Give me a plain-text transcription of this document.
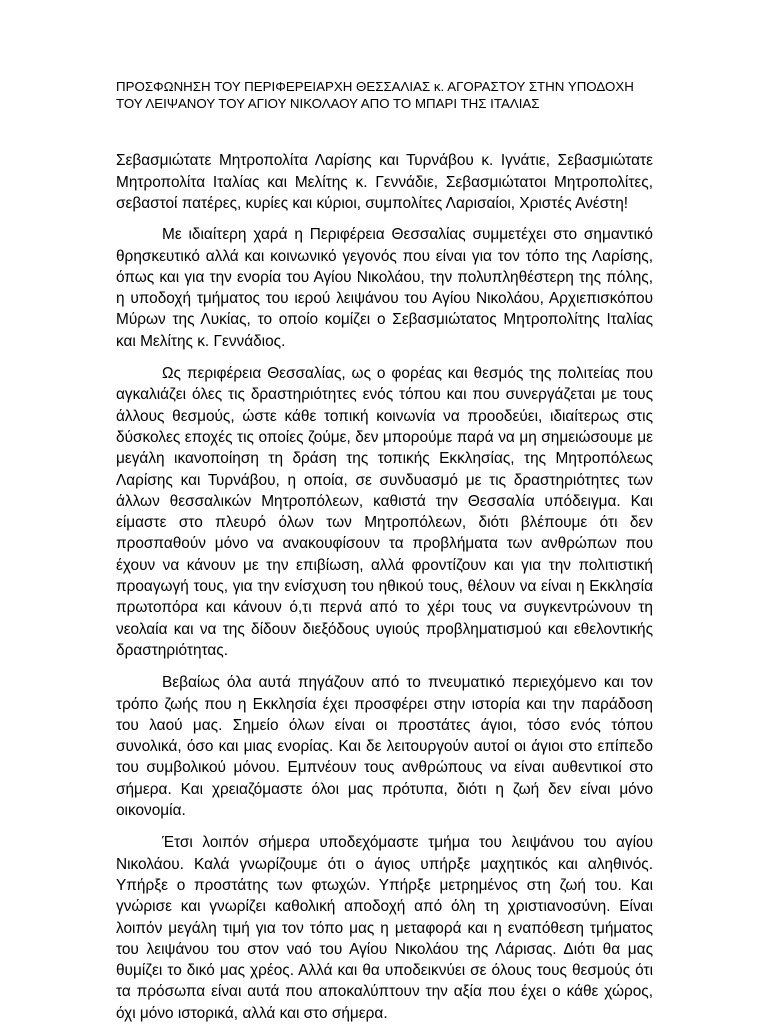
ΠΡΟΣΦΩΝΗΣΗ ΤΟΥ ΠΕΡΙΦΕΡΕΙΑΡΧΗ ΘΕΣΣΑΛΙΑΣ κ. ΑΓΟΡΑΣΤΟΥ ΣΤΗΝ ΥΠΟΔΟΧΗ ΤΟΥ ΛΕΙΨΑΝΟΥ ΤΟΥ ΑΓΙΟΥ ΝΙΚΟΛΑΟΥ ΑΠΟ ΤΟ ΜΠΑΡΙ ΤΗΣ ΙΤΑΛΙΑΣ

Σεβασμιώτατε Μητροπολίτα Λαρίσης και Τυρνάβου κ. Ιγνάτιε, Σεβασμιώτατε Μητροπολίτα Ιταλίας και Μελίτης κ. Γεννάδιε, Σεβασμιώτατοι Μητροπολίτες, σεβαστοί πατέρες, κυρίες και κύριοι, συμπολίτες Λαρισαίοι, Χριστές Ανέστη!

Με ιδιαίτερη χαρά η Περιφέρεια Θεσσαλίας συμμετέχει στο σημαντικό θρησκευτικό αλλά και κοινωνικό γεγονός που είναι για τον τόπο της Λαρίσης, όπως και για την ενορία του Αγίου Νικολάου, την πολυπληθέστερη της πόλης, η υποδοχή τμήματος του ιερού λειψάνου του Αγίου Νικολάου, Αρχιεπισκόπου Μύρων της Λυκίας, το οποίο κομίζει ο Σεβασμιώτατος Μητροπολίτης Ιταλίας και Μελίτης κ. Γεννάδιος.

Ως περιφέρεια Θεσσαλίας, ως ο φορέας και θεσμός της πολιτείας που αγκαλιάζει όλες τις δραστηριότητες ενός τόπου και που συνεργάζεται με τους άλλους θεσμούς, ώστε κάθε τοπική κοινωνία να προοδεύει, ιδιαίτερως στις δύσκολες εποχές τις οποίες ζούμε, δεν μπορούμε παρά να μη σημειώσουμε με μεγάλη ικανοποίηση τη δράση της τοπικής Εκκλησίας, της Μητροπόλεως Λαρίσης και Τυρνάβου, η οποία, σε συνδυασμό με τις δραστηριότητες των άλλων θεσσαλικών Μητροπόλεων, καθιστά την Θεσσαλία υπόδειγμα. Και είμαστε στο πλευρό όλων των Μητροπόλεων, διότι βλέπουμε ότι δεν προσπαθούν μόνο να ανακουφίσουν τα προβλήματα των ανθρώπων που έχουν να κάνουν με την επιβίωση, αλλά φροντίζουν και για την πολιτιστική προαγωγή τους, για την ενίσχυση του ηθικού τους, θέλουν να είναι η Εκκλησία πρωτοπόρα και κάνουν ό,τι περνά από το χέρι τους να συγκεντρώνουν τη νεολαία και να της δίδουν διεξόδους υγιούς προβληματισμού και εθελοντικής δραστηριότητας.

Βεβαίως όλα αυτά πηγάζουν από το πνευματικό περιεχόμενο και τον τρόπο ζωής που η Εκκλησία έχει προσφέρει στην ιστορία και την παράδοση του λαού μας. Σημείο όλων είναι οι προστάτες άγιοι, τόσο ενός τόπου συνολικά, όσο και μιας ενορίας. Και δε λειτουργούν αυτοί οι άγιοι στο επίπεδο του συμβολικού μόνου. Εμπνέουν τους ανθρώπους να είναι αυθεντικοί στο σήμερα. Και χρειαζόμαστε όλοι μας πρότυπα, διότι η ζωή δεν είναι μόνο οικονομία.

Έτσι λοιπόν σήμερα υποδεχόμαστε τμήμα του λειψάνου του αγίου Νικολάου. Καλά γνωρίζουμε ότι ο άγιος υπήρξε μαχητικός και αληθινός. Υπήρξε ο προστάτης των φτωχών. Υπήρξε μετρημένος στη ζωή του. Και γνώρισε και γνωρίζει καθολική αποδοχή από όλη τη χριστιανοσύνη. Είναι λοιπόν μεγάλη τιμή για τον τόπο μας η μεταφορά και η εναπόθεση τμήματος του λειψάνου του στον ναό του Αγίου Νικολάου της Λάρισας. Διότι θα μας θυμίζει το δικό μας χρέος. Αλλά και θα υποδεικνύει σε όλους τους θεσμούς ότι τα πρόσωπα είναι αυτά που αποκαλύπτουν την αξία που έχει ο κάθε χώρος, όχι μόνο ιστορικά, αλλά και στο σήμερα.
